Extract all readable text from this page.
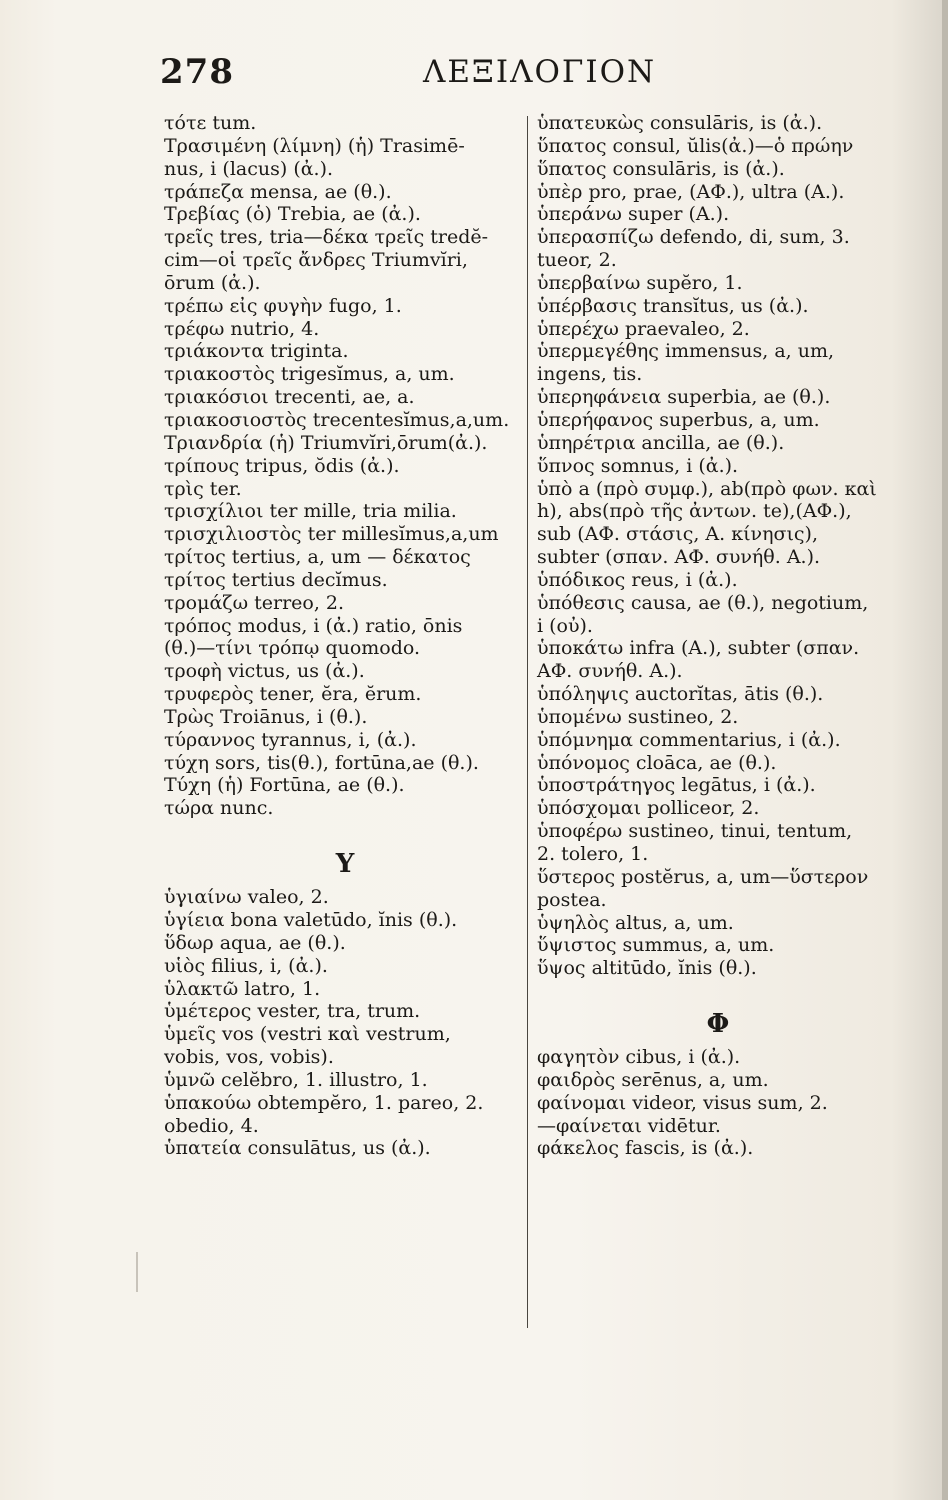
278	ΛΕΞΙΛΟΓΙΟΝ
τότε tum.
Τρασιμένη (λίμνη) (ἡ) Trasimē-
nus, i (lacus) (ἀ.).
τράπεζα mensa, ae (θ.).
Τρεβίας (ὁ) Trebia, ae (ἀ.).
τρεῖς tres, tria—δέκα τρεῖς tredĕ-
cim—οἱ τρεῖς ἄνδρες Triumvĭri,
ōrum (ἀ.).
τρέπω εἰς φυγὴν fugo, 1.
τρέφω nutrio, 4.
τριάκοντα triginta.
τριακοστὸς trigesĭmus, a, um.
τριακόσιοι trecenti, ae, a.
τριακοσιοστὸς trecentesĭmus,a,um.
Τριανδρία (ἡ) Triumvĭri,ōrum(ἀ.).
τρίπους tripus, ŏdis (ἀ.).
τρὶς ter.
τρισχίλιοι ter mille, tria milia.
τρισχιλιοστὸς ter millesĭmus,a,um
τρίτος tertius, a, um — δέκατος
τρίτος tertius decĭmus.
τρομάζω terreo, 2.
τρόπος modus, i (ἀ.) ratio, ōnis
(θ.)—τίνι τρόπῳ quomodo.
τροφὴ victus, us (ἀ.).
τρυφερὸς tener, ĕra, ĕrum.
Τρὼς Troiānus, i (θ.).
τύραννος tyrannus, i, (ἀ.).
τύχη sors, tis(θ.), fortūna,ae (θ.).
Τύχη (ἡ) Fortūna, ae (θ.).
τώρα nunc.
Υ
ὑγιαίνω valeo, 2.
ὑγίεια bona valetūdo, ĭnis (θ.).
ὕδωρ aqua, ae (θ.).
υἱὸς filius, i, (ἀ.).
ὑλακτῶ latro, 1.
ὑμέτερος vester, tra, trum.
ὑμεῖς vos (vestri καὶ vestrum,
vobis, vos, vobis).
ὑμνῶ celĕbro, 1. illustro, 1.
ὑπακούω obtempĕro, 1. pareo, 2.
obedio, 4.
ὑπατεία consulātus, us (ἀ.).
ὑπατευκὼς consulāris, is (ἀ.).
ὕπατος consul, ŭlis(ἀ.)—ὁ πρώην
ὕπατος consulāris, is (ἀ.).
ὑπὲρ pro, prae, (ΑΦ.), ultra (Α.).
ὑπεράνω super (Α.).
ὑπερασπίζω defendo, di, sum, 3.
tueor, 2.
ὑπερβαίνω supĕro, 1.
ὑπέρβασις transĭtus, us (ἀ.).
ὑπερέχω praevaleo, 2.
ὑπερμεγέθης immensus, a, um,
ingens, tis.
ὑπερηφάνεια superbia, ae (θ.).
ὑπερήφανος superbus, a, um.
ὑπηρέτρια ancilla, ae (θ.).
ὕπνος somnus, i (ἀ.).
ὑπὸ a (πρὸ συμφ.), ab(πρὸ φων. καὶ
h), abs(πρὸ τῆς ἀντων. te),(ΑΦ.),
sub (ΑΦ. στάσις, Α. κίνησις),
subter (σπαν. ΑΦ. συνήθ. Α.).
ὑπόδικος reus, i (ἀ.).
ὑπόθεσις causa, ae (θ.), negotium,
i (οὐ).
ὑποκάτω infra (Α.), subter (σπαν.
ΑΦ. συνήθ. Α.).
ὑπόληψις auctorĭtas, ātis (θ.).
ὑπομένω sustineo, 2.
ὑπόμνημα commentarius, i (ἀ.).
ὑπόνομος cloāca, ae (θ.).
ὑποστράτηγος legātus, i (ἀ.).
ὑπόσχομαι polliceor, 2.
ὑποφέρω sustineo, tinui, tentum,
2. tolero, 1.
ὕστερος postĕrus, a, um—ὕστερον
postea.
ὑψηλὸς altus, a, um.
ὕψιστος summus, a, um.
ὕψος altitūdo, ĭnis (θ.).
Φ
φαγητὸν cibus, i (ἀ.).
φαιδρὸς serēnus, a, um.
φαίνομαι videor, visus sum, 2.
—φαίνεται vidētur.
φάκελος fascis, is (ἀ.).
